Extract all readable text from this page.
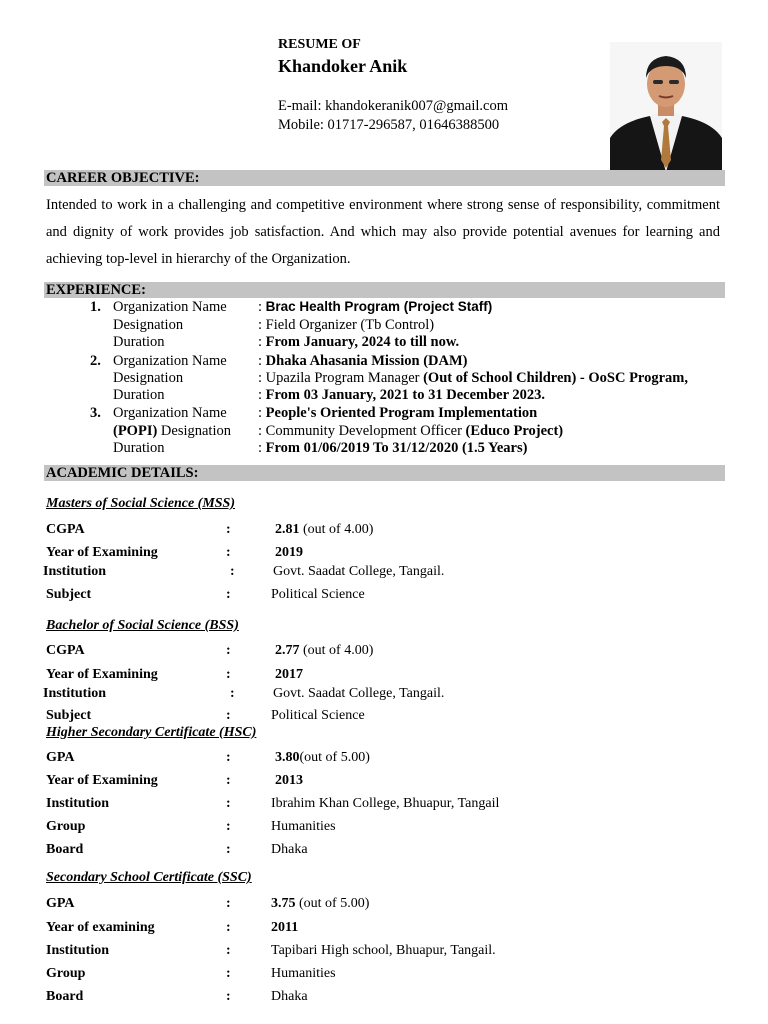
RESUME OF
Khandoker Anik
E-mail: khandokeranik007@gmail.com
Mobile: 01717-296587, 01646388500
CAREER OBJECTIVE:
Intended to work in a challenging and competitive environment where strong sense of responsibility, commitment and dignity of work provides job satisfaction. And which may also provide potential avenues for learning and achieving top-level in hierarchy of the Organization.
EXPERIENCE:
1. Organization Name : Brac Health Program (Project Staff)
Designation	: Field Organizer (Tb Control)
Duration	: From January, 2024 to till now.
2. Organization Name : Dhaka Ahasania Mission (DAM)
Designation	: Upazila Program Manager (Out of School Children) - OoSC Program,
Duration	: From 03 January, 2021 to 31 December 2023.
3. Organization Name : People's Oriented Program Implementation
(POPI) Designation : Community Development Officer (Educo Project)
Duration	: From 01/06/2019 To 31/12/2020 (1.5 Years)
ACADEMIC DETAILS:
Masters of Social Science (MSS)
CGPA	:	2.81 (out of 4.00)
Year of Examining	:	2019
Institution	:	Govt. Saadat College, Tangail.
Subject	:	Political Science
Bachelor of Social Science (BSS)
CGPA	:	2.77 (out of 4.00)
Year of Examining	:	2017
Institution	:	Govt. Saadat College, Tangail.
Subject	:	Political Science
Higher Secondary Certificate (HSC)
GPA	:	3.80(out of 5.00)
Year of Examining	:	2013
Institution	:	Ibrahim Khan College, Bhuapur, Tangail
Group	:	Humanities
Board	:	Dhaka
Secondary School Certificate (SSC)
GPA	:	3.75 (out of 5.00)
Year of examining	:	2011
Institution	:	Tapibari High school, Bhuapur, Tangail.
Group	:	Humanities
Board	:	Dhaka
